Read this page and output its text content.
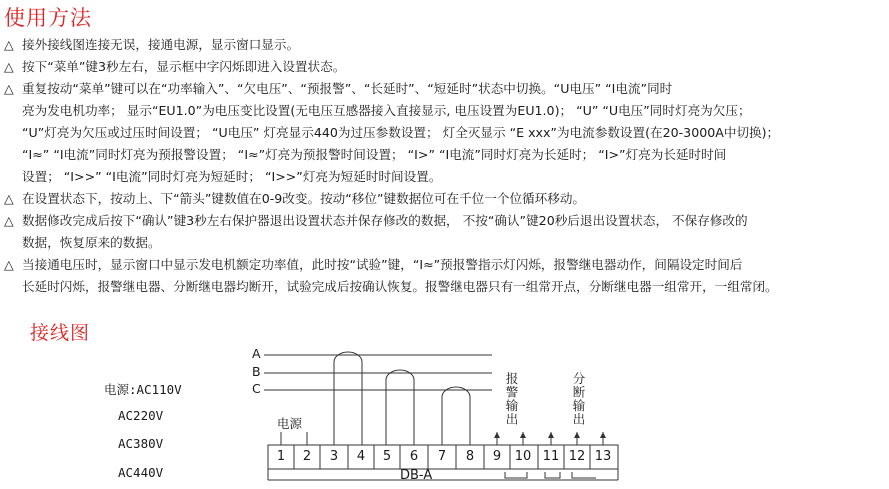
使用方法
△ 接外接线图连接无误，接通电源，显示窗口显示。
△ 按下“菜单”键3秒左右，显示框中字闪烁即进入设置状态。
△ 重复按动“菜单”键可以在“功率输入”、“欠电压”、“预报警”、“长延时”、“短延时”状态中切换。“U电压” “I电流”同时
亮为发电机功率； 显示“EU1.0”为电压变比设置(无电压互感器接入直接显示, 电压设置为EU1.0)； “U” “U电压”同时灯亮为欠压；
“U”灯亮为欠压或过压时间设置； “U电压” 灯亮显示440为过压参数设置； 灯全灭显示 “E xxx”为电流参数设置(在20-3000A中切换)；
“I≈” “I电流”同时灯亮为预报警设置； “I≈”灯亮为预报警时间设置； “I>” “I电流”同时灯亮为长延时； “I>”灯亮为长延时时间
设置； “I>>” “I电流”同时灯亮为短延时； “I>>”灯亮为短延时时间设置。
△ 在设置状态下，按动上、下“箭头”键数值在0-9改变。按动“移位”键数据位可在千位一个位循环移动。
△ 数据修改完成后按下“确认”键3秒左右保护器退出设置状态并保存修改的数据， 不按“确认”键20秒后退出设置状态， 不保存修改的
数据，恢复原来的数据。
△ 当接通电压时，显示窗口中显示发电机额定功率值，此时按“试验”键，“I≈”预报警指示灯闪烁，报警继电器动作，间隔设定时间后
长延时闪烁，报警继电器、分断继电器均断开，试验完成后按确认恢复。报警继电器只有一组常开点，分断继电器一组常开，一组常闭。
接线图
A
B
C
电源:AC110V
AC220V
AC380V
AC440V
电源	报警输出	分断输出
1	2	3	4	5	6	7	8	9	10 11 12 13
DB-A
